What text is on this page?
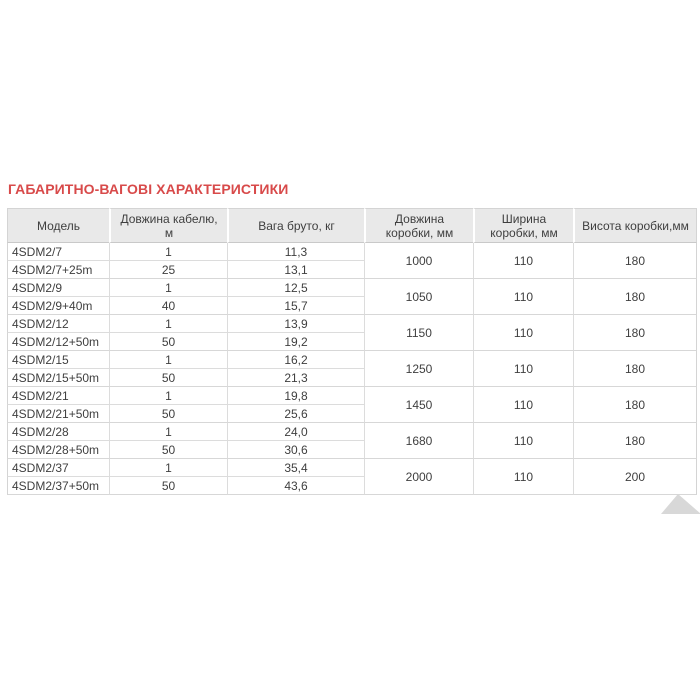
ГАБАРИТНО-ВАГОВІ ХАРАКТЕРИСТИКИ
Модель	Довжина кабелю, м	Вага бруто, кг	Довжина коробки, мм	Ширина коробки, мм	Висота коробки,мм
4SDM2/7	1	11,3	1000	110	180
4SDM2/7+25m	25	13,1			
4SDM2/9	1	12,5	1050	110	180
4SDM2/9+40m	40	15,7			
4SDM2/12	1	13,9	1150	110	180
4SDM2/12+50m	50	19,2			
4SDM2/15	1	16,2	1250	110	180
4SDM2/15+50m	50	21,3			
4SDM2/21	1	19,8	1450	110	180
4SDM2/21+50m	50	25,6			
4SDM2/28	1	24,0	1680	110	180
4SDM2/28+50m	50	30,6			
4SDM2/37	1	35,4	2000	110	200
4SDM2/37+50m	50	43,6			
